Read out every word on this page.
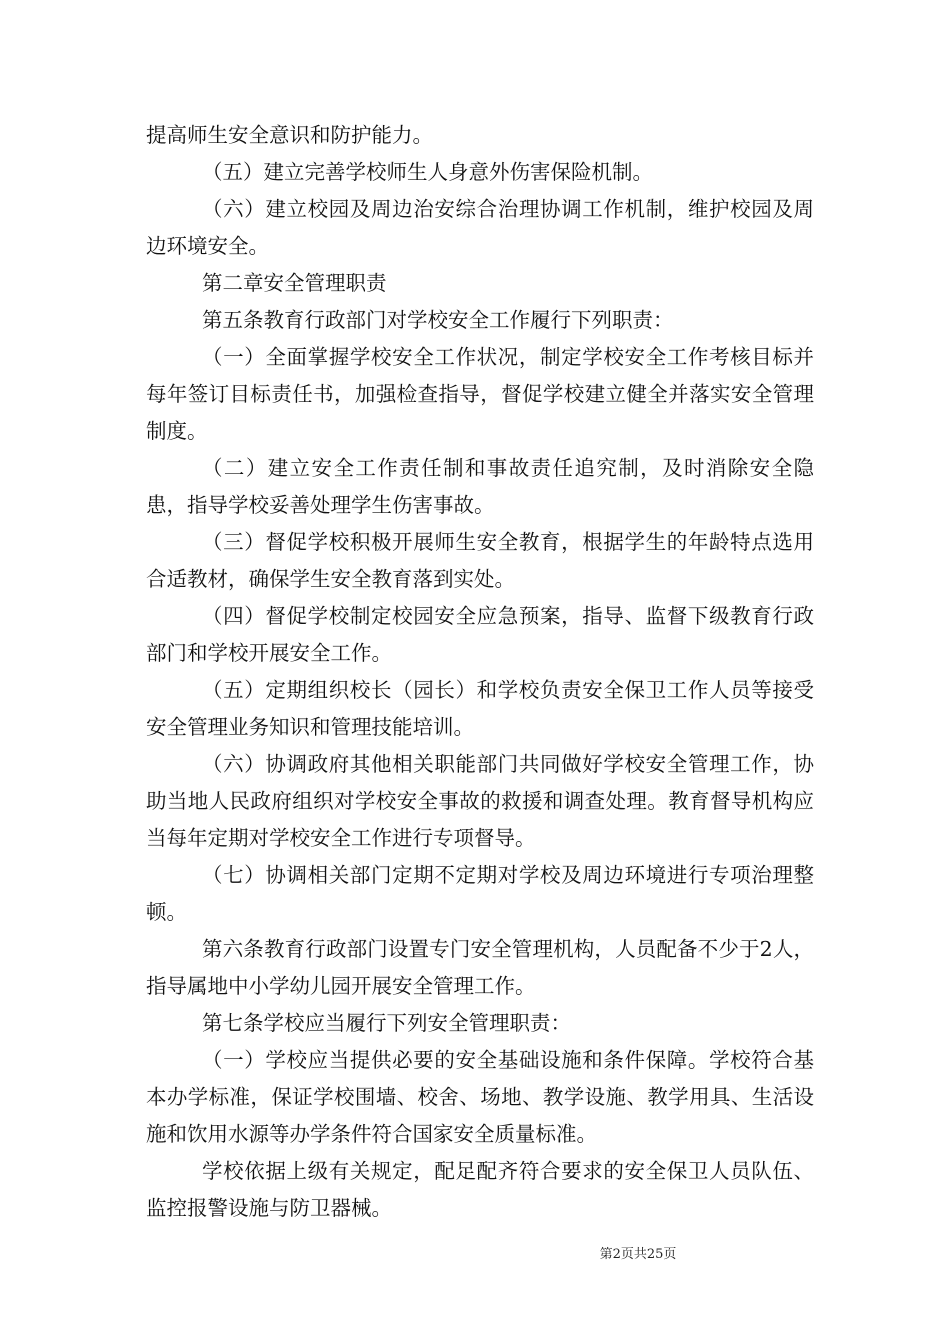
提高师生安全意识和防护能力。

（五）建立完善学校师生人身意外伤害保险机制。

（六）建立校园及周边治安综合治理协调工作机制，维护校园及周边环境安全。

第二章安全管理职责

第五条教育行政部门对学校安全工作履行下列职责：

（一）全面掌握学校安全工作状况，制定学校安全工作考核目标并每年签订目标责任书，加强检查指导，督促学校建立健全并落实安全管理制度。

（二）建立安全工作责任制和事故责任追究制，及时消除安全隐患，指导学校妥善处理学生伤害事故。

（三）督促学校积极开展师生安全教育，根据学生的年龄特点选用合适教材，确保学生安全教育落到实处。

（四）督促学校制定校园安全应急预案，指导、监督下级教育行政部门和学校开展安全工作。

（五）定期组织校长（园长）和学校负责安全保卫工作人员等接受安全管理业务知识和管理技能培训。

（六）协调政府其他相关职能部门共同做好学校安全管理工作，协助当地人民政府组织对学校安全事故的救援和调查处理。教育督导机构应当每年定期对学校安全工作进行专项督导。

（七）协调相关部门定期不定期对学校及周边环境进行专项治理整顿。

第六条教育行政部门设置专门安全管理机构，人员配备不少于2人，指导属地中小学幼儿园开展安全管理工作。

第七条学校应当履行下列安全管理职责：

（一）学校应当提供必要的安全基础设施和条件保障。学校符合基本办学标准，保证学校围墙、校舍、场地、教学设施、教学用具、生活设施和饮用水源等办学条件符合国家安全质量标准。

学校依据上级有关规定，配足配齐符合要求的安全保卫人员队伍、监控报警设施与防卫器械。

第2页共25页
